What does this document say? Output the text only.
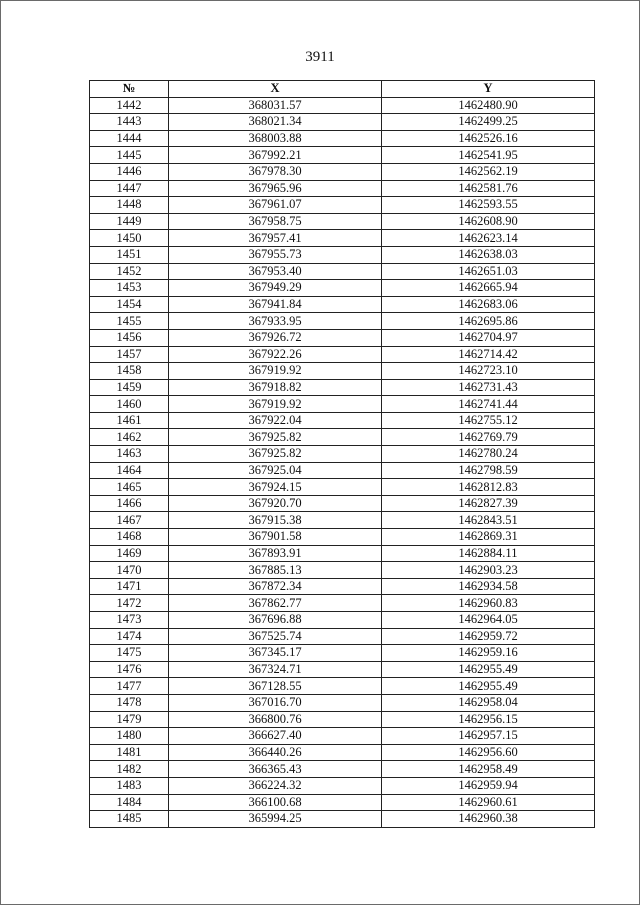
3911
№	X	Y
1442	368031.57	1462480.90
1443	368021.34	1462499.25
1444	368003.88	1462526.16
1445	367992.21	1462541.95
1446	367978.30	1462562.19
1447	367965.96	1462581.76
1448	367961.07	1462593.55
1449	367958.75	1462608.90
1450	367957.41	1462623.14
1451	367955.73	1462638.03
1452	367953.40	1462651.03
1453	367949.29	1462665.94
1454	367941.84	1462683.06
1455	367933.95	1462695.86
1456	367926.72	1462704.97
1457	367922.26	1462714.42
1458	367919.92	1462723.10
1459	367918.82	1462731.43
1460	367919.92	1462741.44
1461	367922.04	1462755.12
1462	367925.82	1462769.79
1463	367925.82	1462780.24
1464	367925.04	1462798.59
1465	367924.15	1462812.83
1466	367920.70	1462827.39
1467	367915.38	1462843.51
1468	367901.58	1462869.31
1469	367893.91	1462884.11
1470	367885.13	1462903.23
1471	367872.34	1462934.58
1472	367862.77	1462960.83
1473	367696.88	1462964.05
1474	367525.74	1462959.72
1475	367345.17	1462959.16
1476	367324.71	1462955.49
1477	367128.55	1462955.49
1478	367016.70	1462958.04
1479	366800.76	1462956.15
1480	366627.40	1462957.15
1481	366440.26	1462956.60
1482	366365.43	1462958.49
1483	366224.32	1462959.94
1484	366100.68	1462960.61
1485	365994.25	1462960.38
